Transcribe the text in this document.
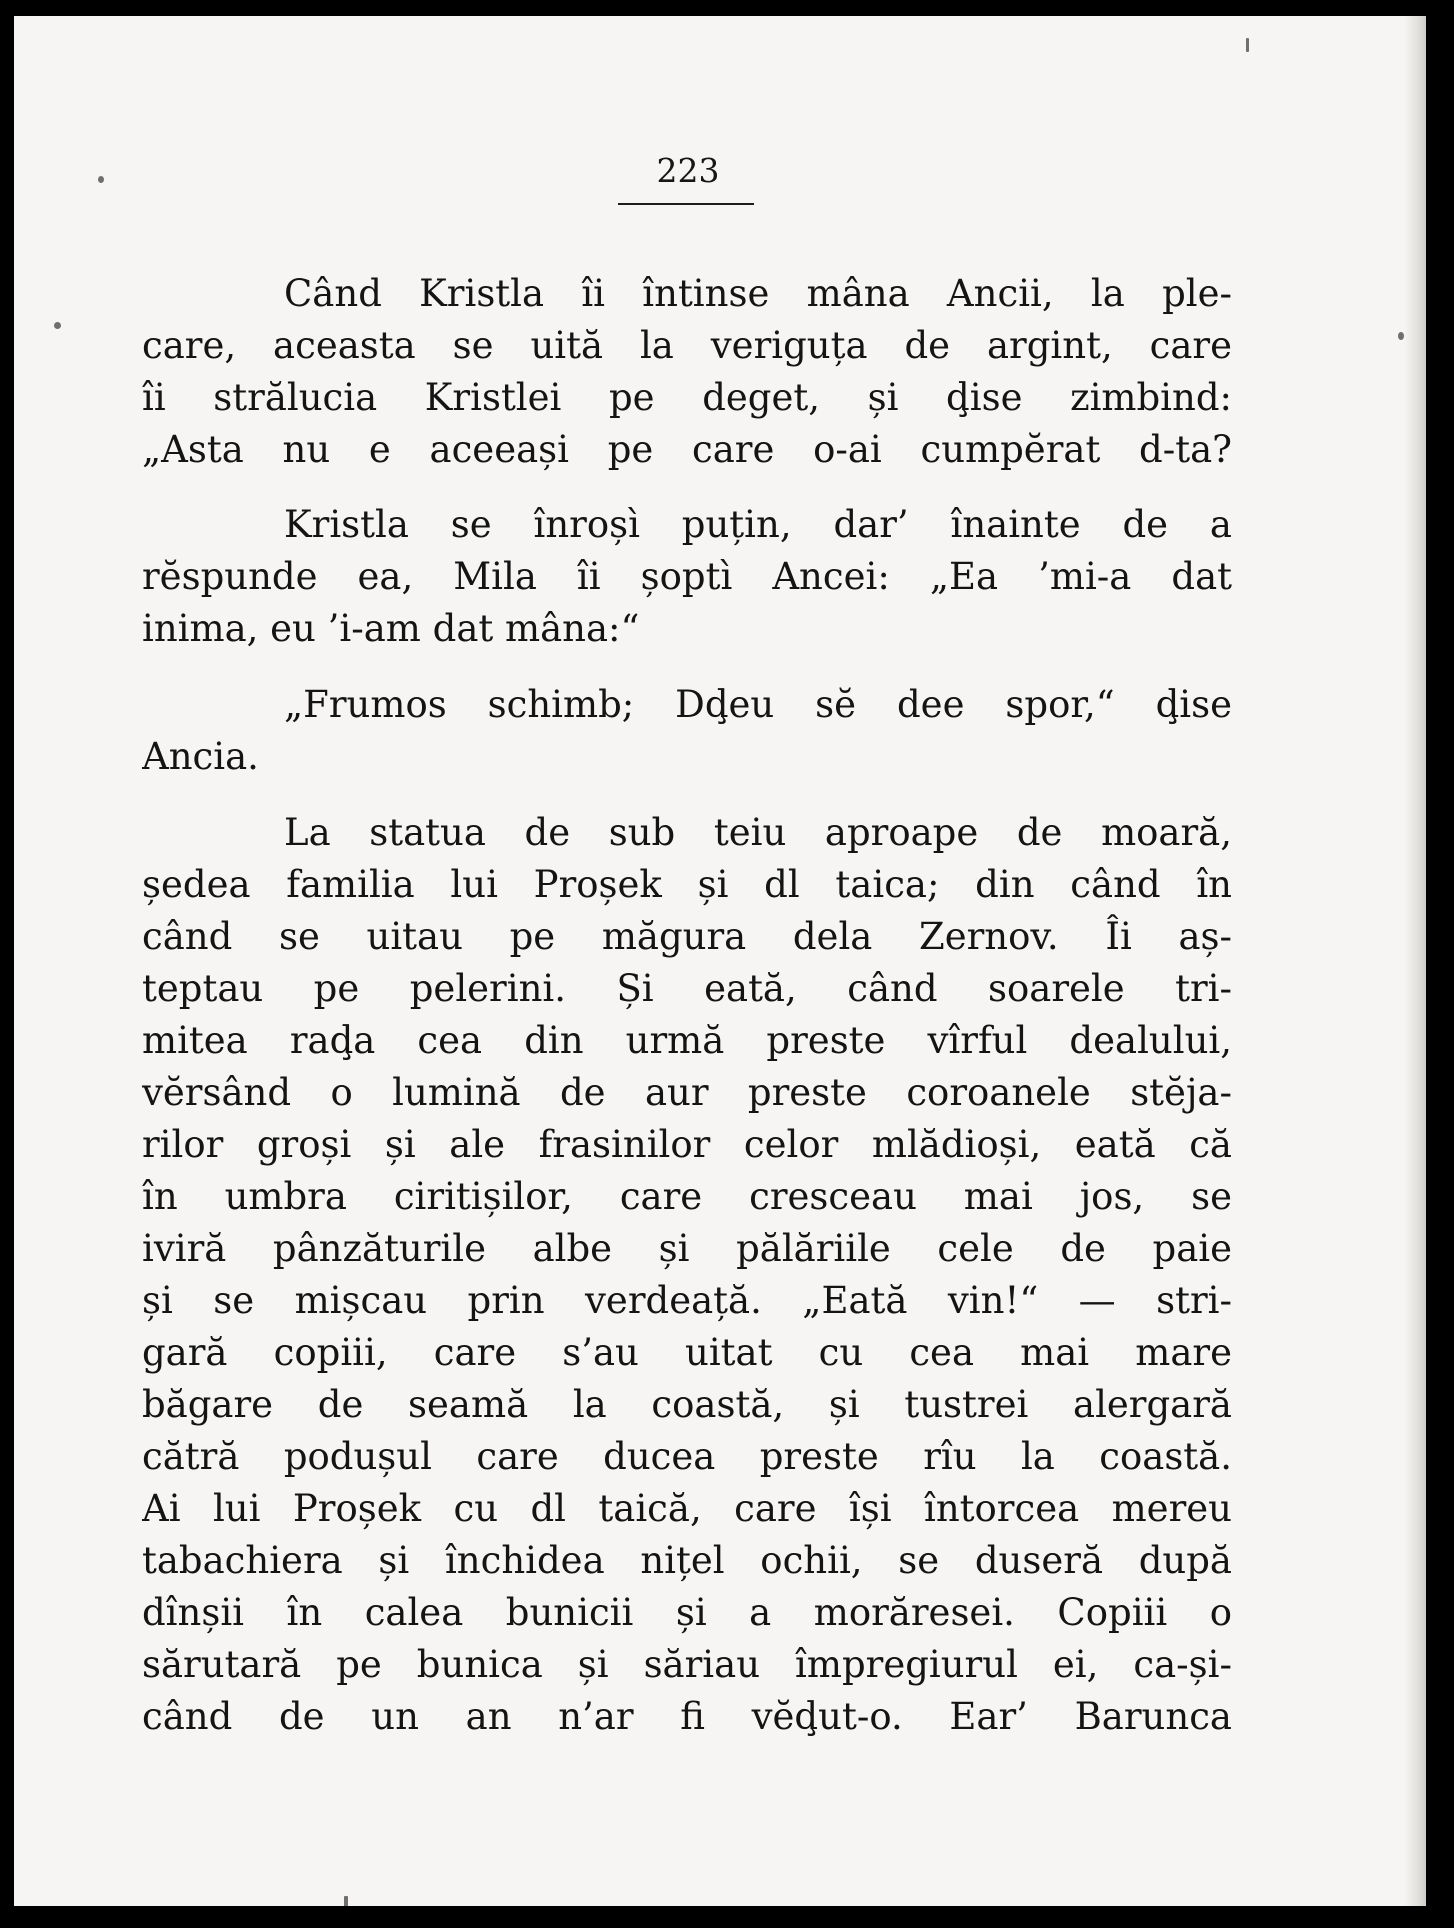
223
Când Kristla îi întinse mâna Ancii, la ple-
care, aceasta se uită la veriguța de argint, care
îi strălucia Kristlei pe deget, și ḑise zimbind:
„Asta nu e aceeași pe care o-ai cumpĕrat d-ta?
Kristla se înroșì puțin, dar’ înainte de a
rĕspunde ea, Mila îi șoptì Ancei: „Ea ’mi-a dat
inima, eu ’i-am dat mâna:“
„Frumos schimb; Dḑeu sĕ dee spor,“ ḑise
Ancia.
La statua de sub teiu aproape de moară,
ședea familia lui Proșek și dl taica; din când în
când se uitau pe măgura dela Zernov. Îi aș-
teptau pe pelerini. Și eată, când soarele tri-
mitea raḑa cea din urmă preste vîrful dealului,
vĕrsând o lumină de aur preste coroanele stĕja-
rilor groși și ale frasinilor celor mlădioși, eată că
în umbra ciritișilor, care cresceau mai jos, se
iviră pânzăturile albe și pălăriile cele de paie
și se mișcau prin verdeață. „Eată vin!“ — stri-
gară copiii, care s’au uitat cu cea mai mare
băgare de seamă la coastă, și tustrei alergară
cătră podușul care ducea preste rîu la coastă.
Ai lui Proșek cu dl taică, care își întorcea mereu
tabachiera și închidea nițel ochii, se duseră după
dînșii în calea bunicii și a morăresei. Copiii o
sărutară pe bunica și săriau împregiurul ei, ca-și-
când de un an n’ar fi vĕḑut-o. Ear’ Barunca
